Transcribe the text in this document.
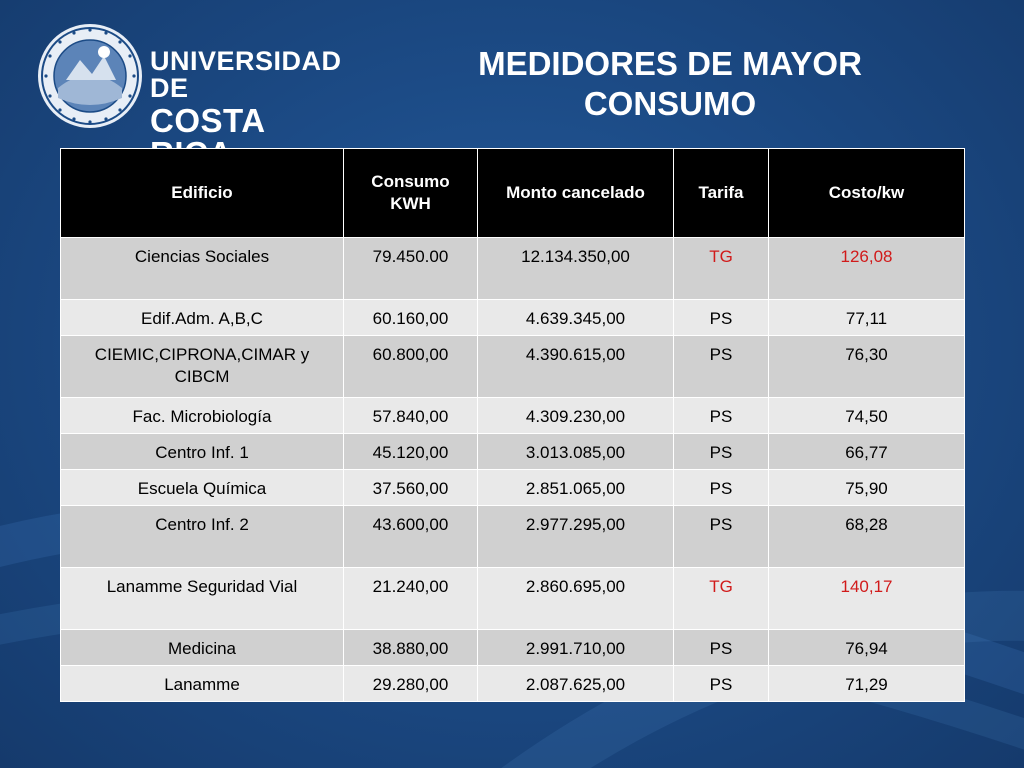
UNIVERSIDAD DE
COSTA
MEDIDORES DE MAYOR
CONSUMO
Edificio	Consumo KWH	Monto cancelado	Tarifa	Costo/kw
Ciencias Sociales	79.450.00	12.134.350,00	TG	126,08
Edif.Adm. A,B,C	60.160,00	4.639.345,00	PS	77,11
CIEMIC,CIPRONA,CIMAR y CIBCM	60.800,00	4.390.615,00	PS	76,30
Fac. Microbiología	57.840,00	4.309.230,00	PS	74,50
Centro Inf. 1	45.120,00	3.013.085,00	PS	66,77
Escuela Química	37.560,00	2.851.065,00	PS	75,90
Centro Inf. 2	43.600,00	2.977.295,00	PS	68,28
Lanamme Seguridad Vial	21.240,00	2.860.695,00	TG	140,17
Medicina	38.880,00	2.991.710,00	PS	76,94
Lanamme	29.280,00	2.087.625,00	PS	71,29
